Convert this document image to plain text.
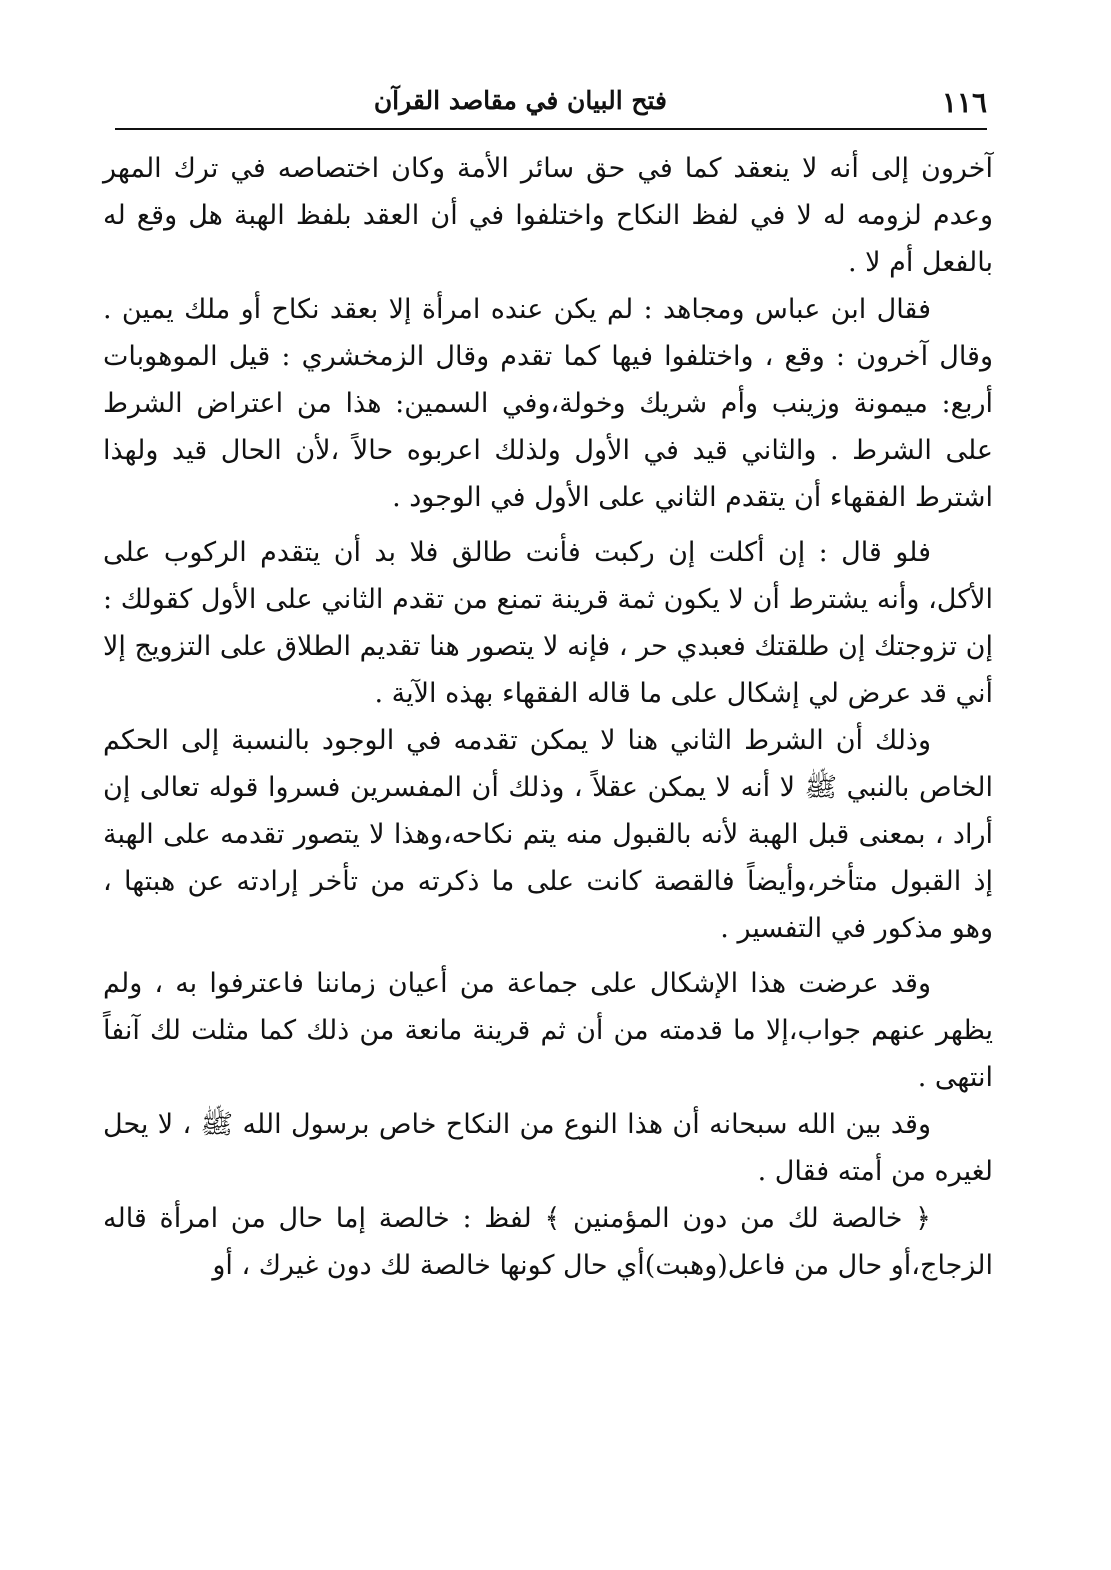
١١٦
فتح البيان في مقاصد القرآن

آخرون إلى أنه لا ينعقد كما في حق سائر الأمة وكان اختصاصه في ترك المهر وعدم لزومه له لا في لفظ النكاح واختلفوا في أن العقد بلفظ الهبة هل وقع له بالفعل أم لا .

فقال ابن عباس ومجاهد : لم يكن عنده امرأة إلا بعقد نكاح أو ملك يمين . وقال آخرون : وقع ، واختلفوا فيها كما تقدم وقال الزمخشري : قيل الموهوبات أربع: ميمونة وزينب وأم شريك وخولة،وفي السمين: هذا من اعتراض الشرط على الشرط . والثاني قيد في الأول ولذلك اعربوه حالاً ،لأن الحال قيد ولهذا اشترط الفقهاء أن يتقدم الثاني على الأول في الوجود .

فلو قال : إن أكلت إن ركبت فأنت طالق فلا بد أن يتقدم الركوب على الأكل، وأنه يشترط أن لا يكون ثمة قرينة تمنع من تقدم الثاني على الأول كقولك : إن تزوجتك إن طلقتك فعبدي حر ، فإنه لا يتصور هنا تقديم الطلاق على التزويج إلا أني قد عرض لي إشكال على ما قاله الفقهاء بهذه الآية .

وذلك أن الشرط الثاني هنا لا يمكن تقدمه في الوجود بالنسبة إلى الحكم الخاص بالنبي ﷺ لا أنه لا يمكن عقلاً ، وذلك أن المفسرين فسروا قوله تعالى إن أراد ، بمعنى قبل الهبة لأنه بالقبول منه يتم نكاحه،وهذا لا يتصور تقدمه على الهبة إذ القبول متأخر،وأيضاً فالقصة كانت على ما ذكرته من تأخر إرادته عن هبتها ، وهو مذكور في التفسير .

وقد عرضت هذا الإشكال على جماعة من أعيان زماننا فاعترفوا به ، ولم يظهر عنهم جواب،إلا ما قدمته من أن ثم قرينة مانعة من ذلك كما مثلت لك آنفاً انتهى .

وقد بين الله سبحانه أن هذا النوع من النكاح خاص برسول الله ﷺ ، لا يحل لغيره من أمته فقال .

﴿ خالصة لك من دون المؤمنين ﴾ لفظ : خالصة إما حال من امرأة قاله الزجاج،أو حال من فاعل(وهبت)أي حال كونها خالصة لك دون غيرك ، أو
